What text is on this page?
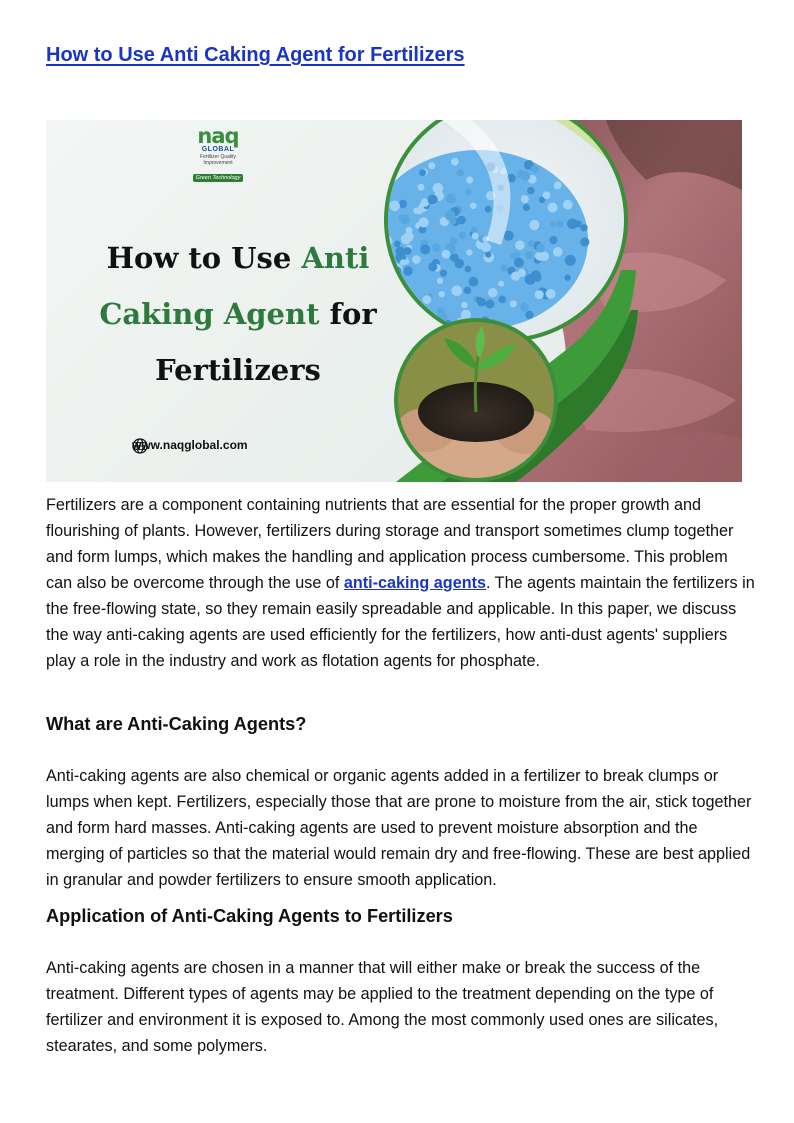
How to Use Anti Caking Agent for Fertilizers
naq
GLOBAL
Fertilizer Quality Improvement
Green Technology
How to Use Anti
Caking Agent for
Fertilizers
www.naqglobal.com

Fertilizers are a component containing nutrients that are essential for the proper growth and flourishing of plants. However, fertilizers during storage and transport sometimes clump together and form lumps, which makes the handling and application process cumbersome. This problem can also be overcome through the use of anti-caking agents. The agents maintain the fertilizers in the free-flowing state, so they remain easily spreadable and applicable. In this paper, we discuss the way anti-caking agents are used efficiently for the fertilizers, how anti-dust agents' suppliers play a role in the industry and work as flotation agents for phosphate.

What are Anti-Caking Agents?

Anti-caking agents are also chemical or organic agents added in a fertilizer to break clumps or lumps when kept. Fertilizers, especially those that are prone to moisture from the air, stick together and form hard masses. Anti-caking agents are used to prevent moisture absorption and the merging of particles so that the material would remain dry and free-flowing. These are best applied in granular and powder fertilizers to ensure smooth application.

Application of Anti-Caking Agents to Fertilizers

Anti-caking agents are chosen in a manner that will either make or break the success of the treatment. Different types of agents may be applied to the treatment depending on the type of fertilizer and environment it is exposed to. Among the most commonly used ones are silicates, stearates, and some polymers.
